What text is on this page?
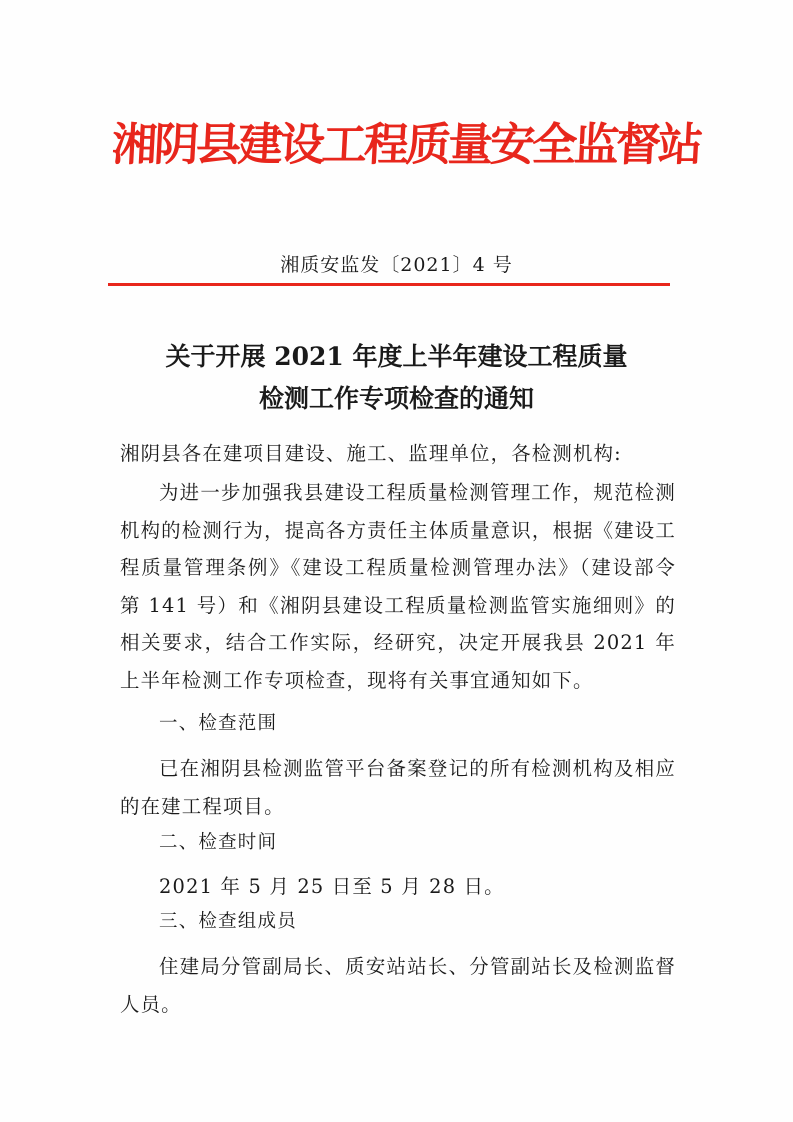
湘阴县建设工程质量安全监督站
湘质安监发〔2021〕4 号
关于开展 2021 年度上半年建设工程质量
检测工作专项检查的通知
湘阴县各在建项目建设、施工、监理单位，各检测机构:
为进一步加强我县建设工程质量检测管理工作，规范检测机构的检测行为，提高各方责任主体质量意识，根据《建设工程质量管理条例》《建设工程质量检测管理办法》（建设部令第 141 号）和《湘阴县建设工程质量检测监管实施细则》的相关要求，结合工作实际，经研究，决定开展我县 2021 年上半年检测工作专项检查，现将有关事宜通知如下。
一、检查范围
已在湘阴县检测监管平台备案登记的所有检测机构及相应的在建工程项目。
二、检查时间
2021 年 5 月 25 日至 5 月 28 日。
三、检查组成员
住建局分管副局长、质安站站长、分管副站长及检测监督人员。
